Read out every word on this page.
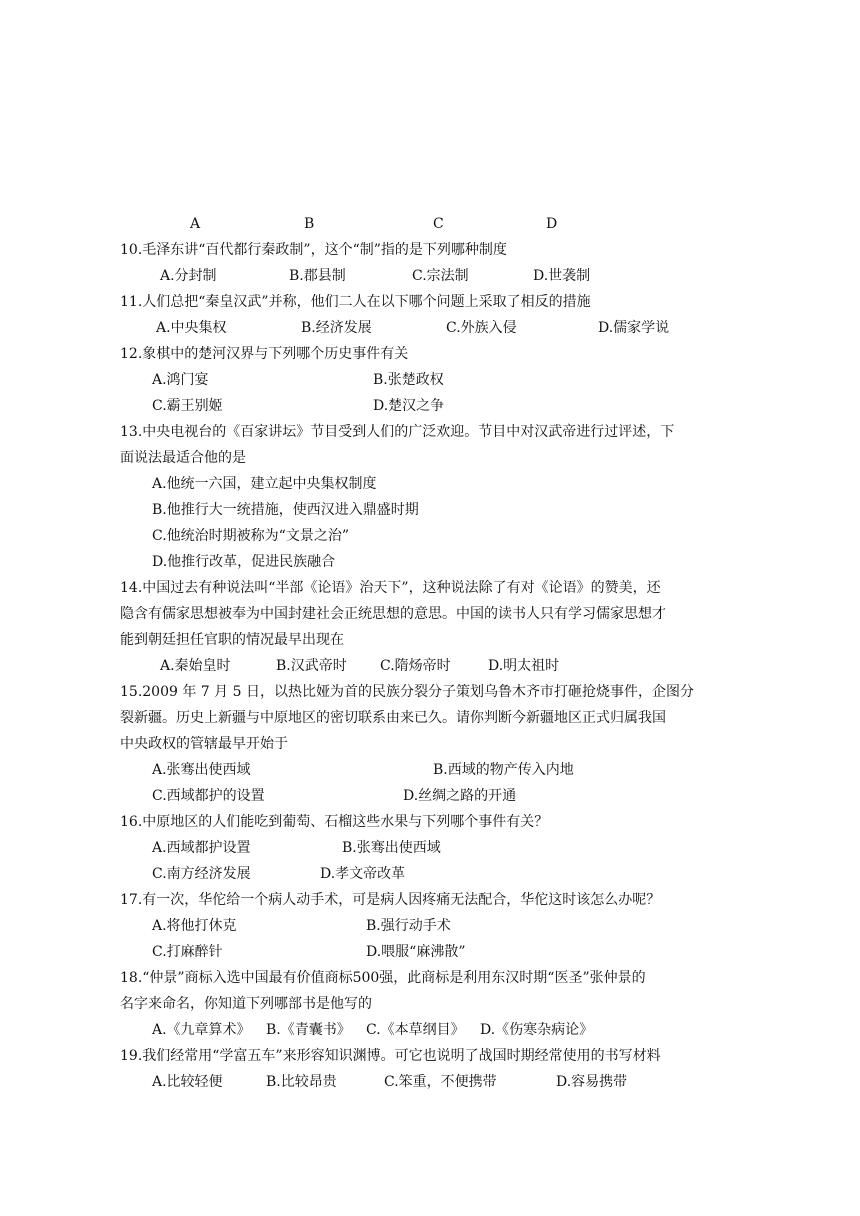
A	B	C	D
10.毛泽东讲“百代都行秦政制”，这个“制”指的是下列哪种制度
A.分封制	B.郡县制	C.宗法制	D.世袭制
11.人们总把“秦皇汉武”并称，他们二人在以下哪个问题上采取了相反的措施
A.中央集权	B.经济发展	C.外族入侵	D.儒家学说
12.象棋中的楚河汉界与下列哪个历史事件有关
A.鸿门宴	B.张楚政权
C.霸王别姬	D.楚汉之争
13.中央电视台的《百家讲坛》节目受到人们的广泛欢迎。节目中对汉武帝进行过评述，下
面说法最适合他的是
A.他统一六国，建立起中央集权制度
B.他推行大一统措施，使西汉进入鼎盛时期
C.他统治时期被称为“文景之治”
D.他推行改革，促进民族融合
14.中国过去有种说法叫“半部《论语》治天下”，这种说法除了有对《论语》的赞美，还
隐含有儒家思想被奉为中国封建社会正统思想的意思。中国的读书人只有学习儒家思想才
能到朝廷担任官职的情况最早出现在
A.秦始皇时	B.汉武帝时 C.隋炀帝时	D.明太祖时
15.2009 年 7 月 5 日，以热比娅为首的民族分裂分子策划乌鲁木齐市打砸抢烧事件，企图分
裂新疆。历史上新疆与中原地区的密切联系由来已久。请你判断今新疆地区正式归属我国
中央政权的管辖最早开始于
A.张骞出使西域	B.西域的物产传入内地
C.西域都护的设置	D.丝绸之路的开通
16.中原地区的人们能吃到葡萄、石榴这些水果与下列哪个事件有关？
A.西域都护设置	B.张骞出使西域
C.南方经济发展	D.孝文帝改革
17.有一次，华佗给一个病人动手术，可是病人因疼痛无法配合，华佗这时该怎么办呢？
A.将他打休克	B.强行动手术
C.打麻醉针	D.喂服“麻沸散”
18.“仲景”商标入选中国最有价值商标500强，此商标是利用东汉时期“医圣”张仲景的
名字来命名，你知道下列哪部书是他写的
A.《九章算术》 B.《青囊书》 C.《本草纲目》 D.《伤寒杂病论》
19.我们经常用“学富五车”来形容知识渊博。可它也说明了战国时期经常使用的书写材料
A.比较轻便	B.比较昂贵	C.笨重，不便携带	D.容易携带
